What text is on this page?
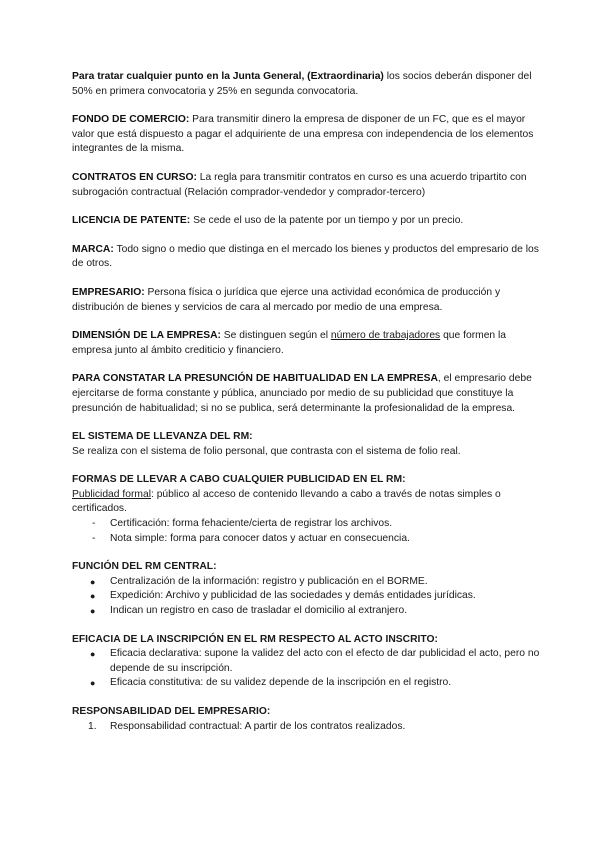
Para tratar cualquier punto en la Junta General, (Extraordinaria) los socios deberán disponer del 50% en primera convocatoria y 25% en segunda convocatoria.

FONDO DE COMERCIO: Para transmitir dinero la empresa de disponer de un FC, que es el mayor valor que está dispuesto a pagar el adquiriente de una empresa con independencia de los elementos integrantes de la misma.

CONTRATOS EN CURSO: La regla para transmitir contratos en curso es una acuerdo tripartito con subrogación contractual (Relación comprador-vendedor y comprador-tercero)

LICENCIA DE PATENTE: Se cede el uso de la patente por un tiempo y por un precio.

MARCA: Todo signo o medio que distinga en el mercado los bienes y productos del empresario de los de otros.

EMPRESARIO: Persona física o jurídica que ejerce una actividad económica de producción y distribución de bienes y servicios de cara al mercado por medio de una empresa.

DIMENSIÓN DE LA EMPRESA: Se distinguen según el número de trabajadores que formen la empresa junto al ámbito crediticio y financiero.

PARA CONSTATAR LA PRESUNCIÓN DE HABITUALIDAD EN LA EMPRESA, el empresario debe ejercitarse de forma constante y pública, anunciado por medio de su publicidad que constituye la presunción de habitualidad; si no se publica, será determinante la profesionalidad de la empresa.

EL SISTEMA DE LLEVANZA DEL RM:

Se realiza con el sistema de folio personal, que contrasta con el sistema de folio real.

FORMAS DE LLEVAR A CABO CUALQUIER PUBLICIDAD EN EL RM:

Publicidad formal: público al acceso de contenido llevando a cabo a través de notas simples o certificados.

- Certificación: forma fehaciente/cierta de registrar los archivos.
- Nota simple: forma para conocer datos y actuar en consecuencia.

FUNCIÓN DEL RM CENTRAL:

● Centralización de la información: registro y publicación en el BORME.
● Expedición: Archivo y publicidad de las sociedades y demás entidades jurídicas.
● Indican un registro en caso de trasladar el domicilio al extranjero.

EFICACIA DE LA INSCRIPCIÓN EN EL RM RESPECTO AL ACTO INSCRITO:

● Eficacia declarativa: supone la validez del acto con el efecto de dar publicidad el acto, pero no depende de su inscripción.
● Eficacia constitutiva: de su validez depende de la inscripción en el registro.

RESPONSABILIDAD DEL EMPRESARIO:

1. Responsabilidad contractual: A partir de los contratos realizados.
